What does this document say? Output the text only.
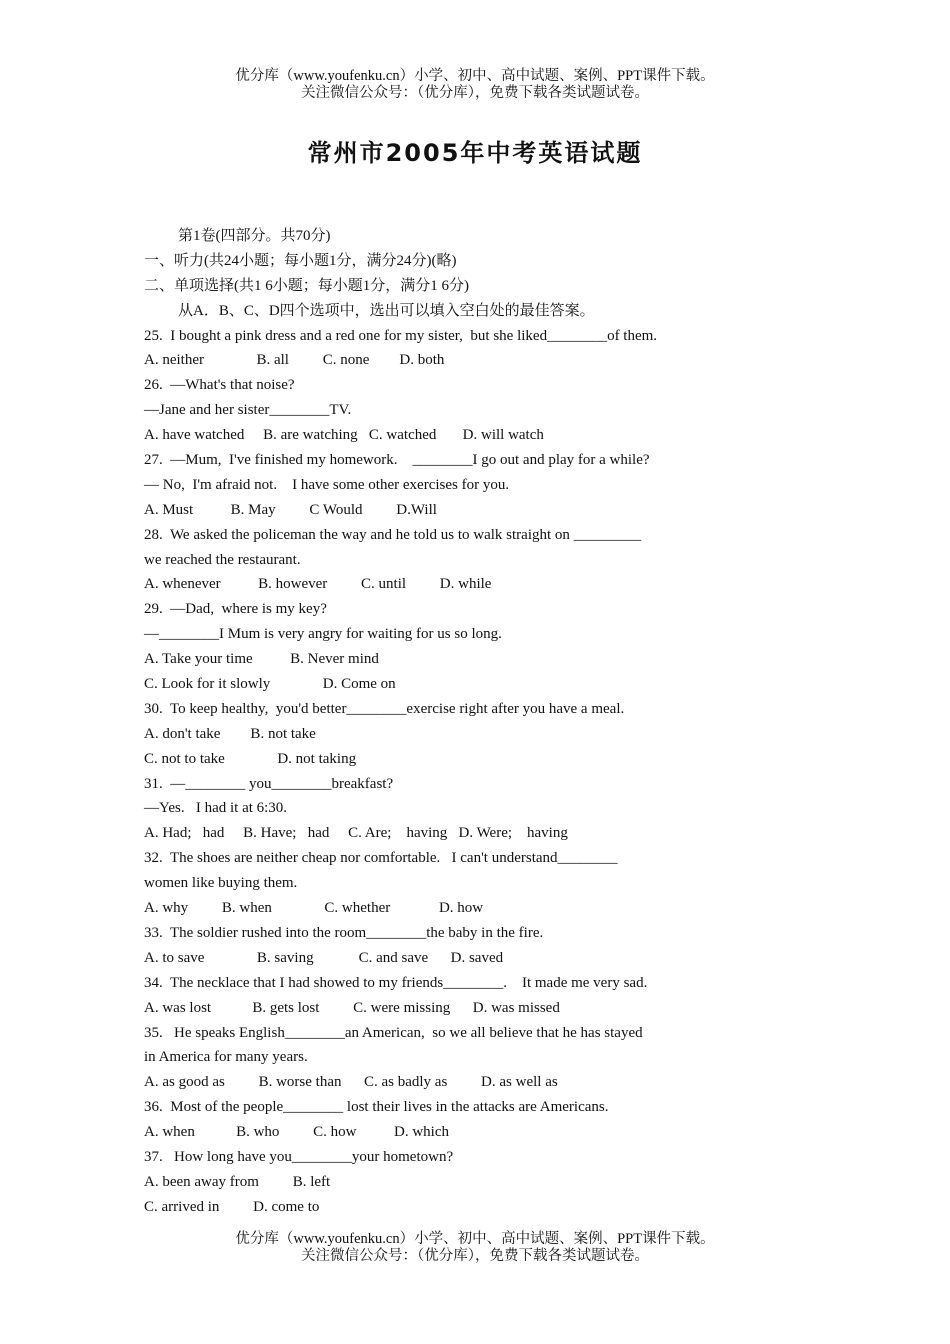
优分库（www.youfenku.cn）小学、初中、高中试题、案例、PPT课件下载。
关注微信公众号：（优分库），免费下载各类试题试卷。
常州市2005年中考英语试题
第1卷(四部分。共70分)
一、听力(共24小题；每小题1分，满分24分)(略)
二、单项选择(共1 6小题；每小题1分，满分1 6分)
从A．B、C、D四个选项中，选出可以填入空白处的最佳答案。
25.  I bought a pink dress and a red one for my sister,  but she liked________of them.
A. neither              B. all         C. none        D. both
26.  —What's that noise?
—Jane and her sister________TV.
A. have watched     B. are watching   C. watched       D. will watch
27.  —Mum,  I've finished my homework.    ________I go out and play for a while?
— No,  I'm afraid not.    I have some other exercises for you.
A. Must          B. May         C Would         D.Will
28.  We asked the policeman the way and he told us to walk straight on _________
we reached the restaurant.
A. whenever          B. however         C. until         D. while
29.  —Dad,  where is my key?
—________I Mum is very angry for waiting for us so long.
A. Take your time          B. Never mind
C. Look for it slowly              D. Come on
30.  To keep healthy,  you'd better________exercise right after you have a meal.
A. don't take        B. not take
C. not to take              D. not taking
31.  —________ you________breakfast?
—Yes.   I had it at 6:30.
A. Had;   had     B. Have;   had     C. Are;    having   D. Were;    having
32.  The shoes are neither cheap nor comfortable.   I can't understand________
women like buying them.
A. why         B. when              C. whether             D. how
33.  The soldier rushed into the room________the baby in the fire.
A. to save              B. saving            C. and save      D. saved
34.  The necklace that I had showed to my friends________.    It made me very sad.
A. was lost           B. gets lost         C. were missing      D. was missed
35.   He speaks English________an American,  so we all believe that he has stayed
in America for many years.
A. as good as         B. worse than      C. as badly as         D. as well as
36.  Most of the people________ lost their lives in the attacks are Americans.
A. when           B. who         C. how          D. which
37.   How long have you________your hometown?
A. been away from         B. left
C. arrived in         D. come to
优分库（www.youfenku.cn）小学、初中、高中试题、案例、PPT课件下载。
关注微信公众号：（优分库），免费下载各类试题试卷。
